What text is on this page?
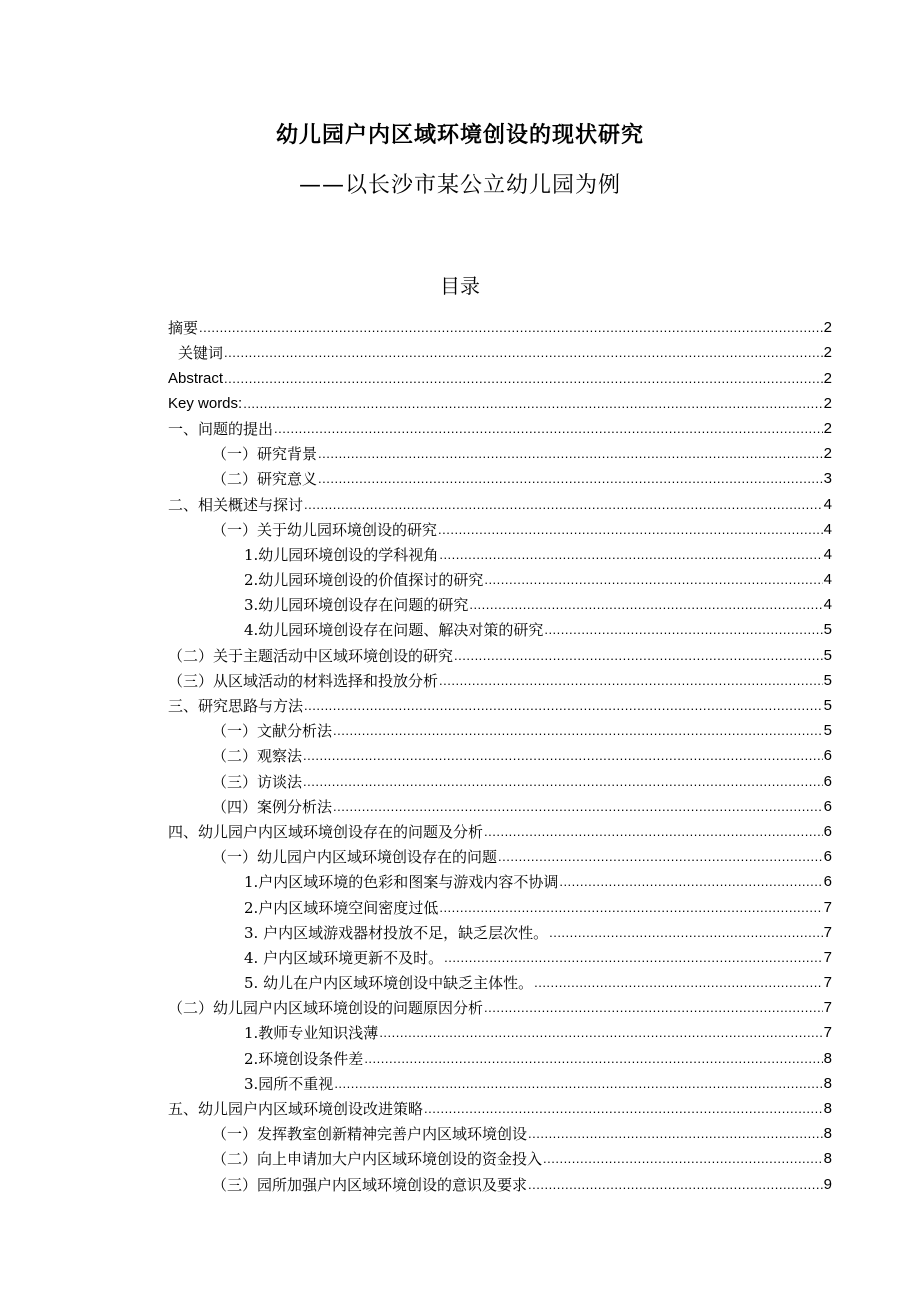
幼儿园户内区域环境创设的现状研究
——以长沙市某公立幼儿园为例
目录
摘要 .....	2
关键词 .....	2
Abstract .....	2
Key words: .....	2
一、问题的提出 .....	2
（一）研究背景 .....	2
（二）研究意义 .....	3
二、相关概述与探讨 .....	4
（一）关于幼儿园环境创设的研究 .....	4
1.幼儿园环境创设的学科视角 .....	4
2.幼儿园环境创设的价值探讨的研究 .....	4
3.幼儿园环境创设存在问题的研究 .....	4
4.幼儿园环境创设存在问题、解决对策的研究 .....	5
（二）关于主题活动中区域环境创设的研究 .....	5
（三）从区域活动的材料选择和投放分析 .....	5
三、研究思路与方法 .....	5
（一）文献分析法 .....	5
（二）观察法 .....	6
（三）访谈法 .....	6
（四）案例分析法 .....	6
四、幼儿园户内区域环境创设存在的问题及分析 .....	6
（一）幼儿园户内区域环境创设存在的问题 .....	6
1.户内区域环境的色彩和图案与游戏内容不协调 .....	6
2.户内区域环境空间密度过低 .....	7
3. 户内区域游戏器材投放不足，缺乏层次性。 .....	7
4. 户内区域环境更新不及时。 .....	7
5. 幼儿在户内区域环境创设中缺乏主体性。 .....	7
（二）幼儿园户内区域环境创设的问题原因分析 .....	7
1.教师专业知识浅薄 .....	7
2.环境创设条件差 .....	8
3.园所不重视 .....	8
五、幼儿园户内区域环境创设改进策略 .....	8
（一）发挥教室创新精神完善户内区域环境创设 .....	8
（二）向上申请加大户内区域环境创设的资金投入 .....	8
（三）园所加强户内区域环境创设的意识及要求 .....	9
